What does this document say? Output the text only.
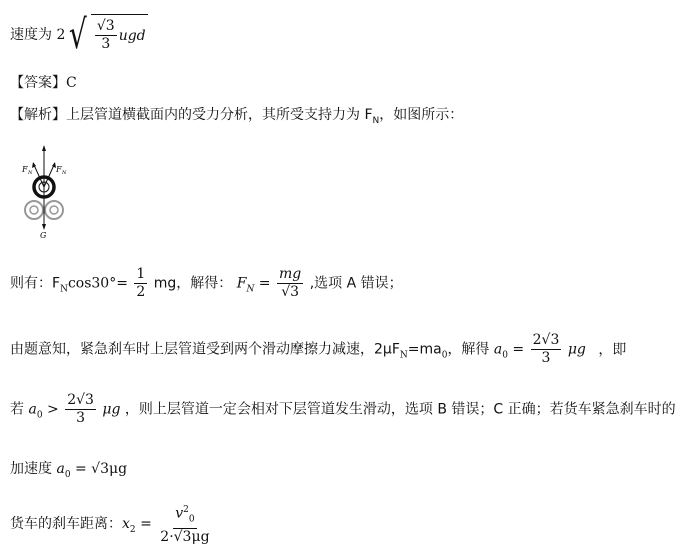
速度为 2 √ $\frac{√3}{3}$ ugd
【答案】C
【解析】上层管道横截面内的受力分析，其所受支持力为 $F_N$，如图所示：
F N	F N
G
则有：$F_N\cos 30^\circ= \frac{1}{2}$ mg，解得： $F_N = \frac{mg}{√3}$ ,选项 A 错误；
由题意知，紧急刹车时上层管道受到两个滑动摩擦力减速，$2\mu F_N=ma_0$，解得 $a_0 = \frac{2√3}{3}$ μg ，即
若 $a_0 > \frac{2√3}{3}$ μg ，则上层管道一定会相对下层管道发生滑动，选项 B 错误；C 正确；若货车紧急刹车时的
加速度 $a_0 = √3\mu g$
货车的刹车距离：$x_2 = \frac{v^2_0}{2\cdot√3\mu g}$
